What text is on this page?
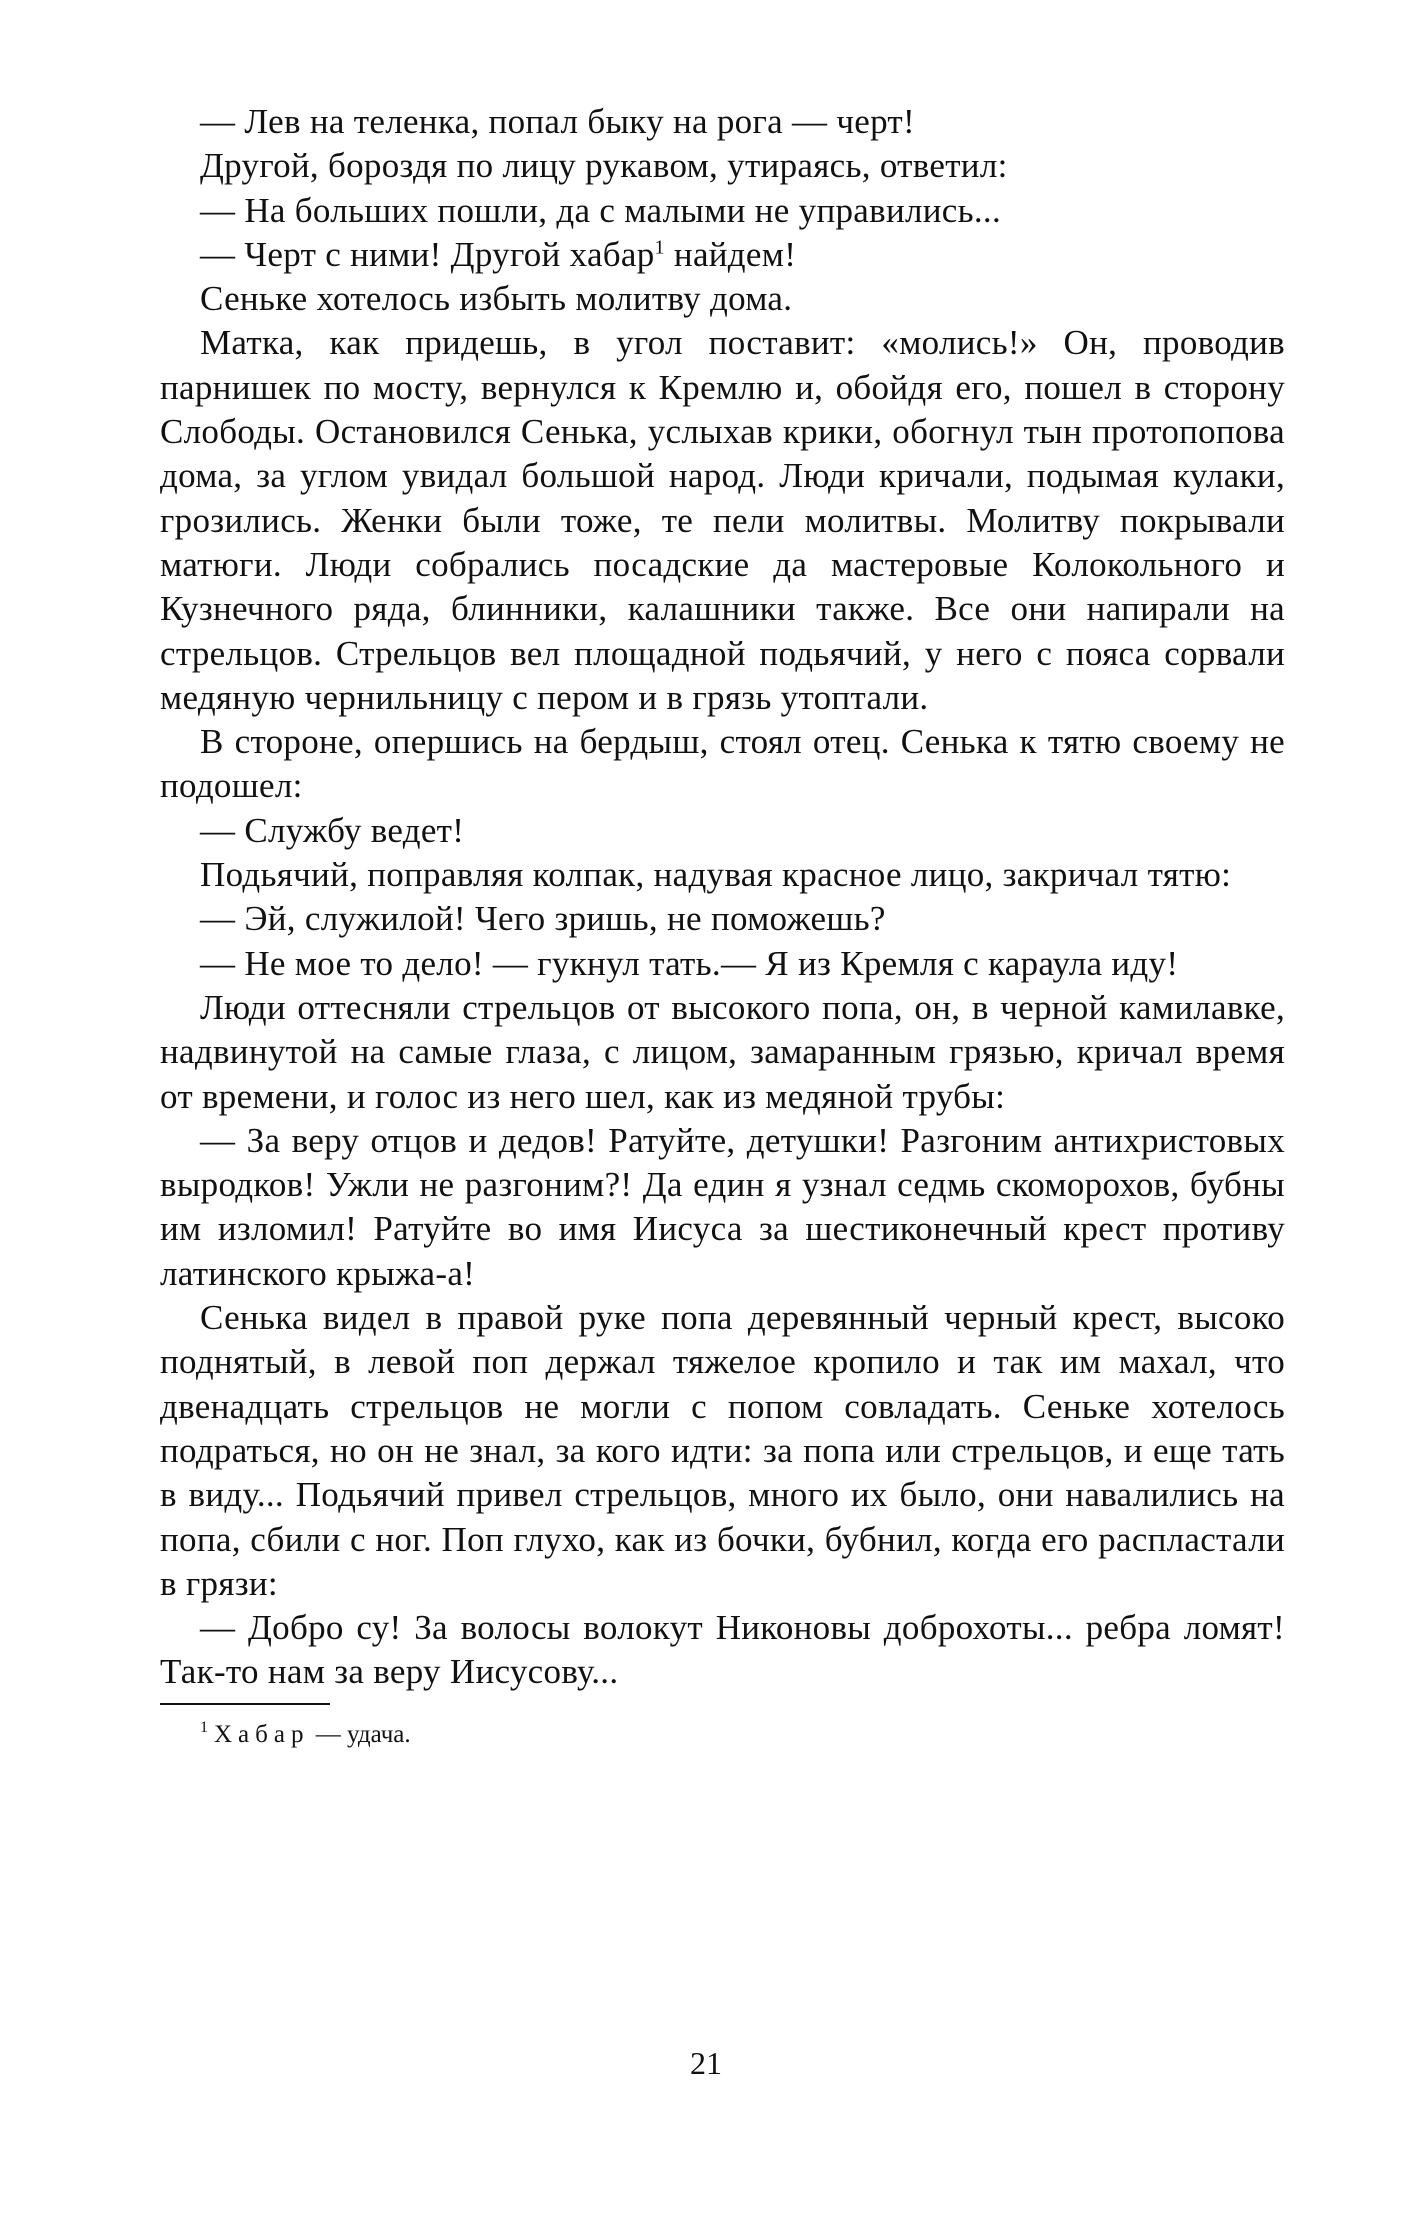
— Лев на теленка, попал быку на рога — черт!

Другой, бороздя по лицу рукавом, утираясь, ответил:

— На больших пошли, да с малыми не управились...

— Черт с ними! Другой хабар$^1$ найдем!

Сеньке хотелось избыть молитву дома.

Матка, как придешь, в угол поставит: «молись!» Он, проводив парнишек по мосту, вернулся к Кремлю и, обойдя его, пошел в сторону Слободы. Остановился Сенька, услыхав крики, обогнул тын протопопова дома, за углом увидал большой народ. Люди кричали, подымая кулаки, грозились. Женки были тоже, те пели молитвы. Молитву покрывали матюги. Люди собрались посадские да мастеровые Колокольного и Кузнечного ряда, блинники, калашники также. Все они напирали на стрельцов. Стрельцов вел площадной подьячий, у него с пояса сорвали медяную чернильницу с пером и в грязь утоптали.

В стороне, опершись на бердыш, стоял отец. Сенька к тятю своему не подошел:

— Службу ведет!

Подьячий, поправляя колпак, надувая красное лицо, закричал тятю:

— Эй, служилой! Чего зришь, не поможешь?

— Не мое то дело! — гукнул тать.— Я из Кремля с караула иду!

Люди оттесняли стрельцов от высокого попа, он, в черной камилавке, надвинутой на самые глаза, с лицом, замаранным грязью, кричал время от времени, и голос из него шел, как из медяной трубы:

— За веру отцов и дедов! Ратуйте, детушки! Разгоним антихристовых выродков! Ужли не разгоним?! Да един я узнал седмь скоморохов, бубны им изломил! Ратуйте во имя Иисуса за шестиконечный крест противу латинского крыжа-а!

Сенька видел в правой руке попа деревянный черный крест, высоко поднятый, в левой поп держал тяжелое кропило и так им махал, что двенадцать стрельцов не могли с попом совладать. Сеньке хотелось подраться, но он не знал, за кого идти: за попа или стрельцов, и еще тать в виду... Подьячий привел стрельцов, много их было, они навалились на попа, сбили с ног. Поп глухо, как из бочки, бубнил, когда его распластали в грязи:

— Добро су! За волосы волокут Никоновы доброхоты... ребра ломят! Так-то нам за веру Иисусову...

$^1$ Хабар — удача.

21
